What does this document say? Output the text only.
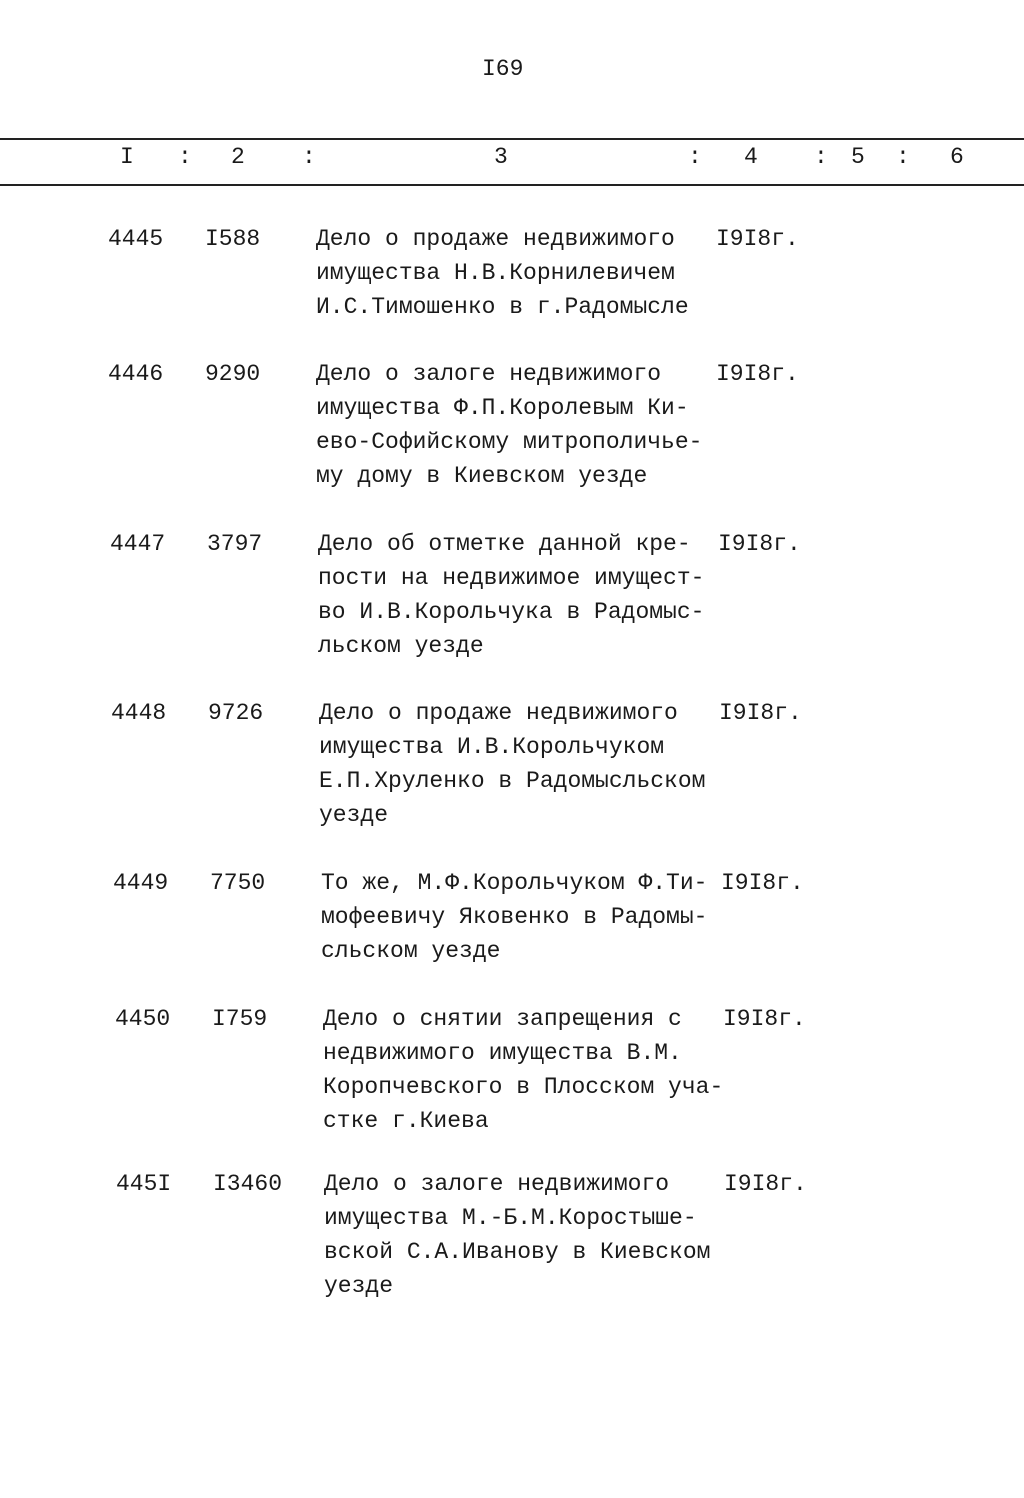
I69
I : 2 :	3	: 4 : 5 : 6
4445 I588 Дело о продаже недвижимого
имущества Н.В.Корнилевичем
И.С.Тимошенко в г.Радомысле
I9I8г.
4446 9290 Дело о залоге недвижимого
имущества Ф.П.Королевым Ки-
ево-Софийскому митрополичье-
му дому в Киевском уезде
I9I8г.
4447 3797 Дело об отметке данной кре-
пости на недвижимое имущест-
во И.В.Корольчука в Радомыс-
льском уезде
I9I8г.
4448 9726 Дело о продаже недвижимого
имущества И.В.Корольчуком
Е.П.Хруленко в Радомысльском
уезде
I9I8г.
4449 7750 То же, М.Ф.Корольчуком Ф.Ти-
мофеевичу Яковенко в Радомы-
сльском уезде
I9I8г.
4450 I759 Дело о снятии запрещения с
недвижимого имущества В.М.
Коропчевского в Плосском уча-
стке г.Киева
I9I8г.
445I I3460 Дело о залоге недвижимого
имущества М.-Б.М.Коростыше-
вской С.А.Иванову в Киевском
уезде
I9I8г.
